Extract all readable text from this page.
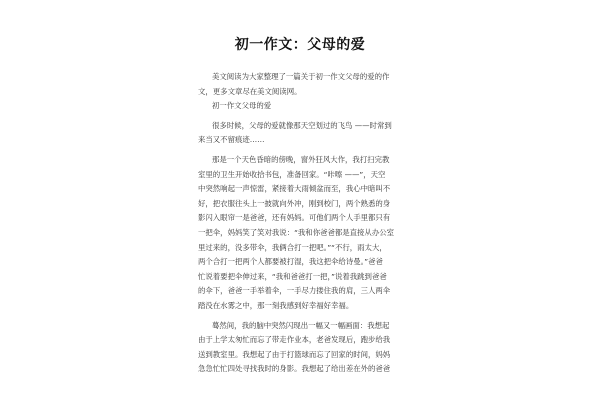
初一作文：父母的爱
美文阅读为大家整理了一篇关于初一作文父母的爱的作
文，更多文章尽在美文阅读网。
初一作文父母的爱
很多时候，父母的爱就像那天空划过的飞鸟 ——时常到
来当又不留痕迹……
那是一个天色昏暗的傍晚，窗外狂风大作，我打扫完教
室里的卫生开始收拾书包，准备回家。“咔嚓 ——”，天空
中突然响起一声惊雷，紧接着大雨倾盆而至，我心中暗叫不
好，把衣服往头上一披就向外冲，刚到校门，两个熟悉的身
影闪入眼帘一是爸爸，还有妈妈。可他们两个人手里都只有
一把伞，妈妈笑了笑对我说：“我和你爸爸都是直接从办公室
里过来的，没多带伞，我俩合打一把吧。”“不行，雨太大，
两个合打一把两个人都要被打湿，我这把伞给诗曼。”爸爸
忙说着要把伞伸过来，“我和爸爸打一把，”说着我跳到爸爸
的伞下，爸爸一手举着伞，一手尽力搂住我的肩，三人两伞
踏没在水雾之中，那一刻我感到好幸福好幸福。
蓦然间，我的脑中突然闪现出一幅又一幅画面：我想起
由于上学太匆忙而忘了带走作业本，老爸发现后，跑步给我
送到教室里。我想起了由于打篮球而忘了回家的时间，妈妈
急急忙忙四处寻找我时的身影。我想起了给出差在外的爸爸
